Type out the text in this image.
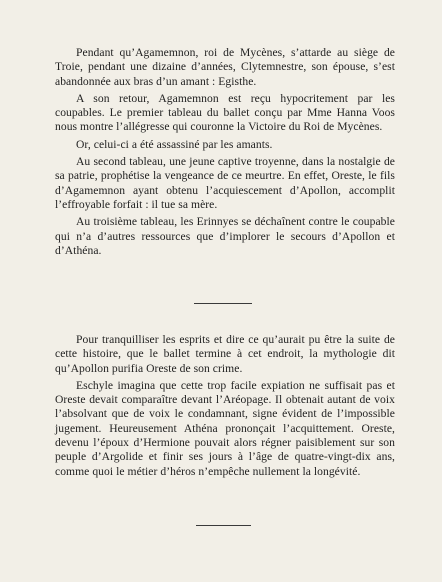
Pendant qu’Agamemnon, roi de Mycènes, s’attarde au siège de Troie, pendant une dizaine d’années, Clytemnestre, son épouse, s’est abandonnée aux bras d’un amant : Egisthe.

A son retour, Agamemnon est reçu hypocritement par les coupables. Le premier tableau du ballet conçu par Mme Hanna Voos nous montre l’allégresse qui couronne la Victoire du Roi de Mycènes.

Or, celui-ci a été assassiné par les amants.

Au second tableau, une jeune captive troyenne, dans la nostalgie de sa patrie, prophétise la vengeance de ce meurtre. En effet, Oreste, le fils d’Agamemnon ayant obtenu l’acquiescement d’Apollon, accomplit l’effroyable forfait : il tue sa mère.

Au troisième tableau, les Erinnyes se déchaînent contre le coupable qui n’a d’autres ressources que d’implorer le secours d’Apollon et d’Athéna.

Pour tranquilliser les esprits et dire ce qu’aurait pu être la suite de cette histoire, que le ballet termine à cet endroit, la mythologie dit qu’Apollon purifia Oreste de son crime.

Eschyle imagina que cette trop facile expiation ne suffisait pas et Oreste devait comparaître devant l’Aréopage. Il obtenait autant de voix l’absolvant que de voix le condamnant, signe évident de l’impossible jugement. Heureusement Athéna prononçait l’acquittement. Oreste, devenu l’époux d’Hermione pouvait alors régner paisiblement sur son peuple d’Argolide et finir ses jours à l’âge de quatre-vingt-dix ans, comme quoi le métier d’héros n’empêche nullement la longévité.
